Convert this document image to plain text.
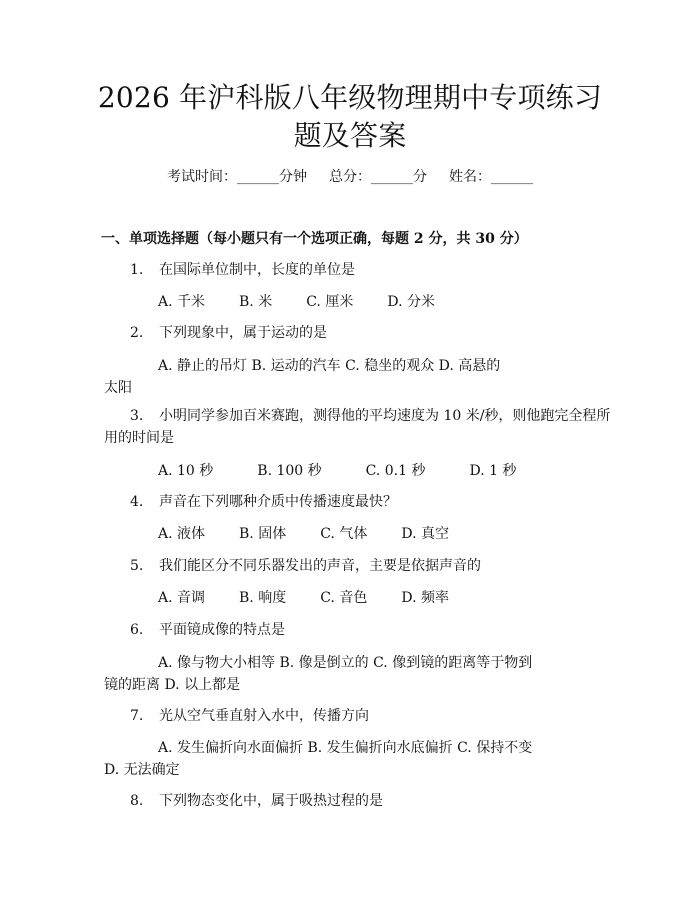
2026 年沪科版八年级物理期中专项练习题及答案
考试时间：______分钟 总分：______分 姓名：______
一、单项选择题（每小题只有一个选项正确，每题 2 分，共 30 分）
1.	在国际单位制中，长度的单位是
A. 千米 B. 米 C. 厘米 D. 分米
2.	下列现象中，属于运动的是
A. 静止的吊灯 B. 运动的汽车 C. 稳坐的观众 D. 高悬的
太阳
3. 小明同学参加百米赛跑，测得他的平均速度为 10 米/秒，则他跑完全程所
用的时间是
A. 10 秒	B. 100 秒	C. 0.1 秒	D. 1 秒
4.	声音在下列哪种介质中传播速度最快？
A. 液体 B. 固体 C. 气体 D. 真空
5.	我们能区分不同乐器发出的声音，主要是依据声音的
A. 音调 B. 响度 C. 音色 D. 频率
6.	平面镜成像的特点是
A. 像与物大小相等 B. 像是倒立的 C. 像到镜的距离等于物到
镜的距离 D. 以上都是
7.	光从空气垂直射入水中，传播方向
A. 发生偏折向水面偏折 B. 发生偏折向水底偏折 C. 保持不变
D. 无法确定
8.	下列物态变化中，属于吸热过程的是
